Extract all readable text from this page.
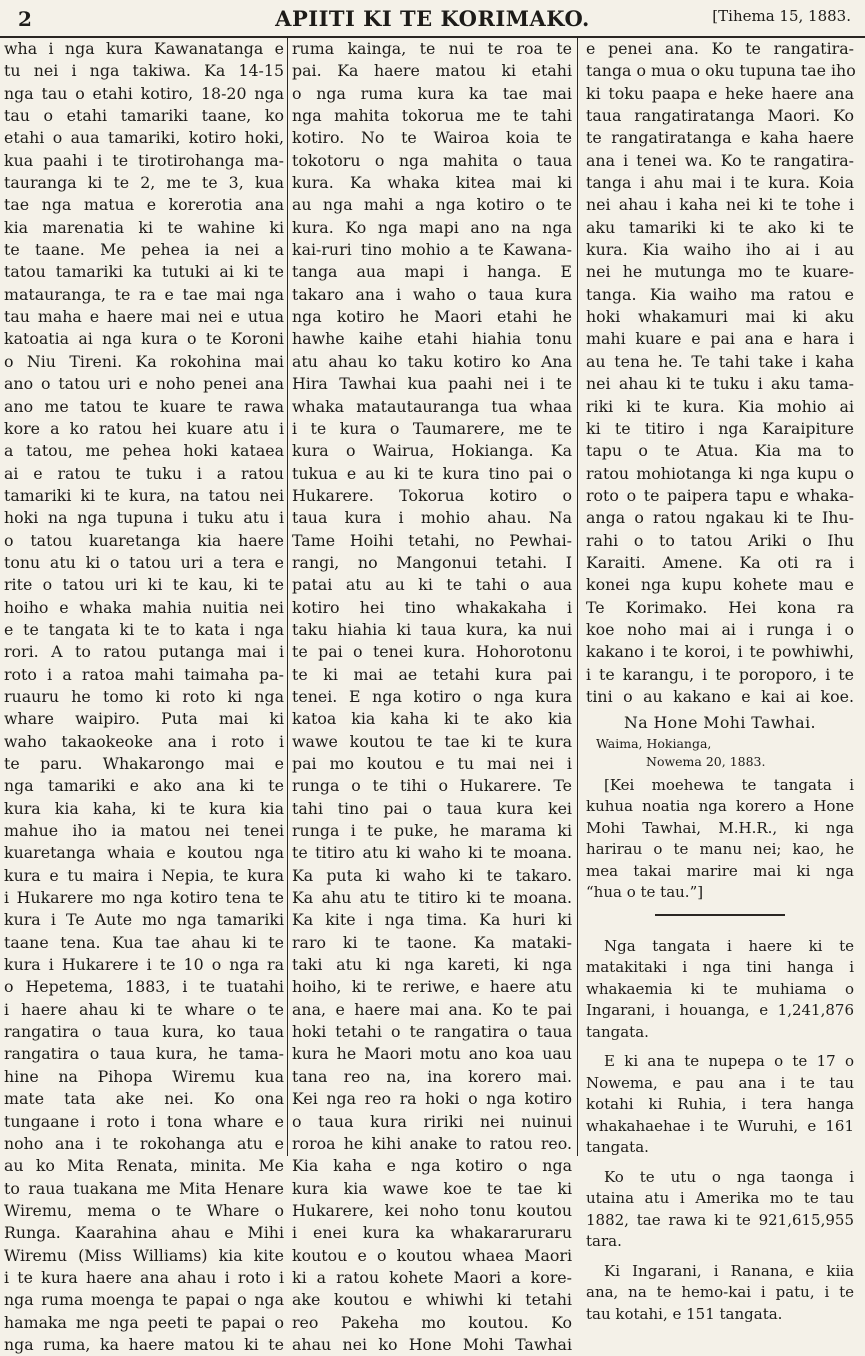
2	APIITI KI TE KORIMAKO.	[Tihema 15, 1883.
wha i nga kura Kawanatanga e
tu nei i nga takiwa. Ka 14-15
nga tau o etahi kotiro, 18-20 nga
tau o etahi tamariki taane, ko
etahi o aua tamariki, kotiro hoki,
kua paahi i te tirotirohanga ma-
tauranga ki te 2, me te 3, kua
tae nga matua e korerotia ana
kia marenatia ki te wahine ki
te taane. Me pehea ia nei a
tatou tamariki ka tutuki ai ki te
matauranga, te ra e tae mai nga
tau maha e haere mai nei e utua
katoatia ai nga kura o te Koroni
o Niu Tireni. Ka rokohina mai
ano o tatou uri e noho penei ana
ano me tatou te kuare te rawa
kore a ko ratou hei kuare atu i
a tatou, me pehea hoki kataea
ai e ratou te tuku i a ratou
tamariki ki te kura, na tatou nei
hoki na nga tupuna i tuku atu i
o tatou kuaretanga kia haere
tonu atu ki o tatou uri a tera e
rite o tatou uri ki te kau, ki te
hoiho e whaka mahia nuitia nei
e te tangata ki te to kata i nga
rori. A to ratou putanga mai i
roto i a ratoa mahi taimaha pa-
ruauru he tomo ki roto ki nga
whare waipiro. Puta mai ki
waho takaokeoke ana i roto i
te paru. Whakarongo mai e
nga tamariki e ako ana ki te
kura kia kaha, ki te kura kia
mahue iho ia matou nei tenei
kuaretanga whaia e koutou nga
kura e tu maira i Nepia, te kura
i Hukarere mo nga kotiro tena te
kura i Te Aute mo nga tamariki
taane tena. Kua tae ahau ki te
kura i Hukarere i te 10 o nga ra
o Hepetema, 1883, i te tuatahi
i haere ahau ki te whare o te
rangatira o taua kura, ko taua
rangatira o taua kura, he tama-
hine na Pihopa Wiremu kua
mate tata ake nei. Ko ona
tungaane i roto i tona whare e
noho ana i te rokohanga atu e
au ko Mita Renata, minita. Me
to raua tuakana me Mita Henare
Wiremu, mema o te Whare o
Runga. Kaarahina ahau e Mihi
Wiremu (Miss Williams) kia kite
i te kura haere ana ahau i roto i
nga ruma moenga te papai o nga
hamaka me nga peeti te papai o
nga ruma, ka haere matou ki te
ruma kainga, te nui te roa te
pai. Ka haere matou ki etahi
o nga ruma kura ka tae mai
nga mahita tokorua me te tahi
kotiro. No te Wairoa koia te
tokotoru o nga mahita o taua
kura. Ka whaka kitea mai ki
au nga mahi a nga kotiro o te
kura. Ko nga mapi ano na nga
kai-ruri tino mohio a te Kawana-
tanga aua mapi i hanga. E
takaro ana i waho o taua kura
nga kotiro he Maori etahi he
hawhe kaihe etahi hiahia tonu
atu ahau ko taku kotiro ko Ana
Hira Tawhai kua paahi nei i te
whaka matautauranga tua whaa
i te kura o Taumarere, me te
kura o Wairua, Hokianga. Ka
tukua e au ki te kura tino pai o
Hukarere. Tokorua kotiro o
taua kura i mohio ahau. Na
Tame Hoihi tetahi, no Pewhai-
rangi, no Mangonui tetahi. I
patai atu au ki te tahi o aua
kotiro hei tino whakakaha i
taku hiahia ki taua kura, ka nui
te pai o tenei kura. Hohorotonu
te ki mai ae tetahi kura pai
tenei. E nga kotiro o nga kura
katoa kia kaha ki te ako kia
wawe koutou te tae ki te kura
pai mo koutou e tu mai nei i
runga o te tihi o Hukarere. Te
tahi tino pai o taua kura kei
runga i te puke, he marama ki
te titiro atu ki waho ki te moana.
Ka puta ki waho ki te takaro.
Ka ahu atu te titiro ki te moana.
Ka kite i nga tima. Ka huri ki
raro ki te taone. Ka mataki-
taki atu ki nga kareti, ki nga
hoiho, ki te reriwe, e haere atu
ana, e haere mai ana. Ko te pai
hoki tetahi o te rangatira o taua
kura he Maori motu ano koa uau
tana reo na, ina korero mai.
Kei nga reo ra hoki o nga kotiro
o taua kura ririki nei nuinui
roroa he kihi anake to ratou reo.
Kia kaha e nga kotiro o nga
kura kia wawe koe te tae ki
Hukarere, kei noho tonu koutou
i enei kura ka whakararuraru
koutou e o koutou whaea Maori
ki a ratou kohete Maori a kore-
ake koutou e whiwhi ki tetahi
reo Pakeha mo koutou. Ko
ahau nei ko Hone Mohi Tawhai
e penei ana. Ko te rangatira-
tanga o mua o oku tupuna tae iho
ki toku paapa e heke haere ana
taua rangatiratanga Maori. Ko
te rangatiratanga e kaha haere
ana i tenei wa. Ko te rangatira-
tanga i ahu mai i te kura. Koia
nei ahau i kaha nei ki te tohe i
aku tamariki ki te ako ki te
kura. Kia waiho iho ai i au
nei he mutunga mo te kuare-
tanga. Kia waiho ma ratou e
hoki whakamuri mai ki aku
mahi kuare e pai ana e hara i
au tena he. Te tahi take i kaha
nei ahau ki te tuku i aku tama-
riki ki te kura. Kia mohio ai
ki te titiro i nga Karaipiture
tapu o te Atua. Kia ma to
ratou mohiotanga ki nga kupu o
roto o te paipera tapu e whaka-
anga o ratou ngakau ki te Ihu-
rahi o to tatou Ariki o Ihu
Karaiti. Amene. Ka oti ra i
konei nga kupu kohete mau e
Te Korimako. Hei kona ra
koe noho mai ai i runga i o
kakano i te koroi, i te powhiwhi,
i te karangu, i te poroporo, i te
tini o au kakano e kai ai koe.
Na Hone Mohi Tawhai.
Waima, Hokianga,
Nowema 20, 1883.
[Kei moehewa te tangata i
kuhua noatia nga korero a Hone
Mohi Tawhai, M.H.R., ki nga
harirau o te manu nei; kao, he
mea takai marire mai ki nga
“hua o te tau.”]
Nga tangata i haere ki te
matakitaki i nga tini hanga i
whakaemia ki te muhiama o
Ingarani, i houanga, e 1,241,876
tangata.
E ki ana te nupepa o te 17 o
Nowema, e pau ana i te tau
kotahi ki Ruhia, i tera hanga
whakahaehae i te Wuruhi, e 161
tangata.
Ko te utu o nga taonga i
utaina atu i Amerika mo te tau
1882, tae rawa ki te 921,615,955
tara.
Ki Ingarani, i Ranana, e kiia
ana, na te hemo-kai i patu, i te
tau kotahi, e 151 tangata.
